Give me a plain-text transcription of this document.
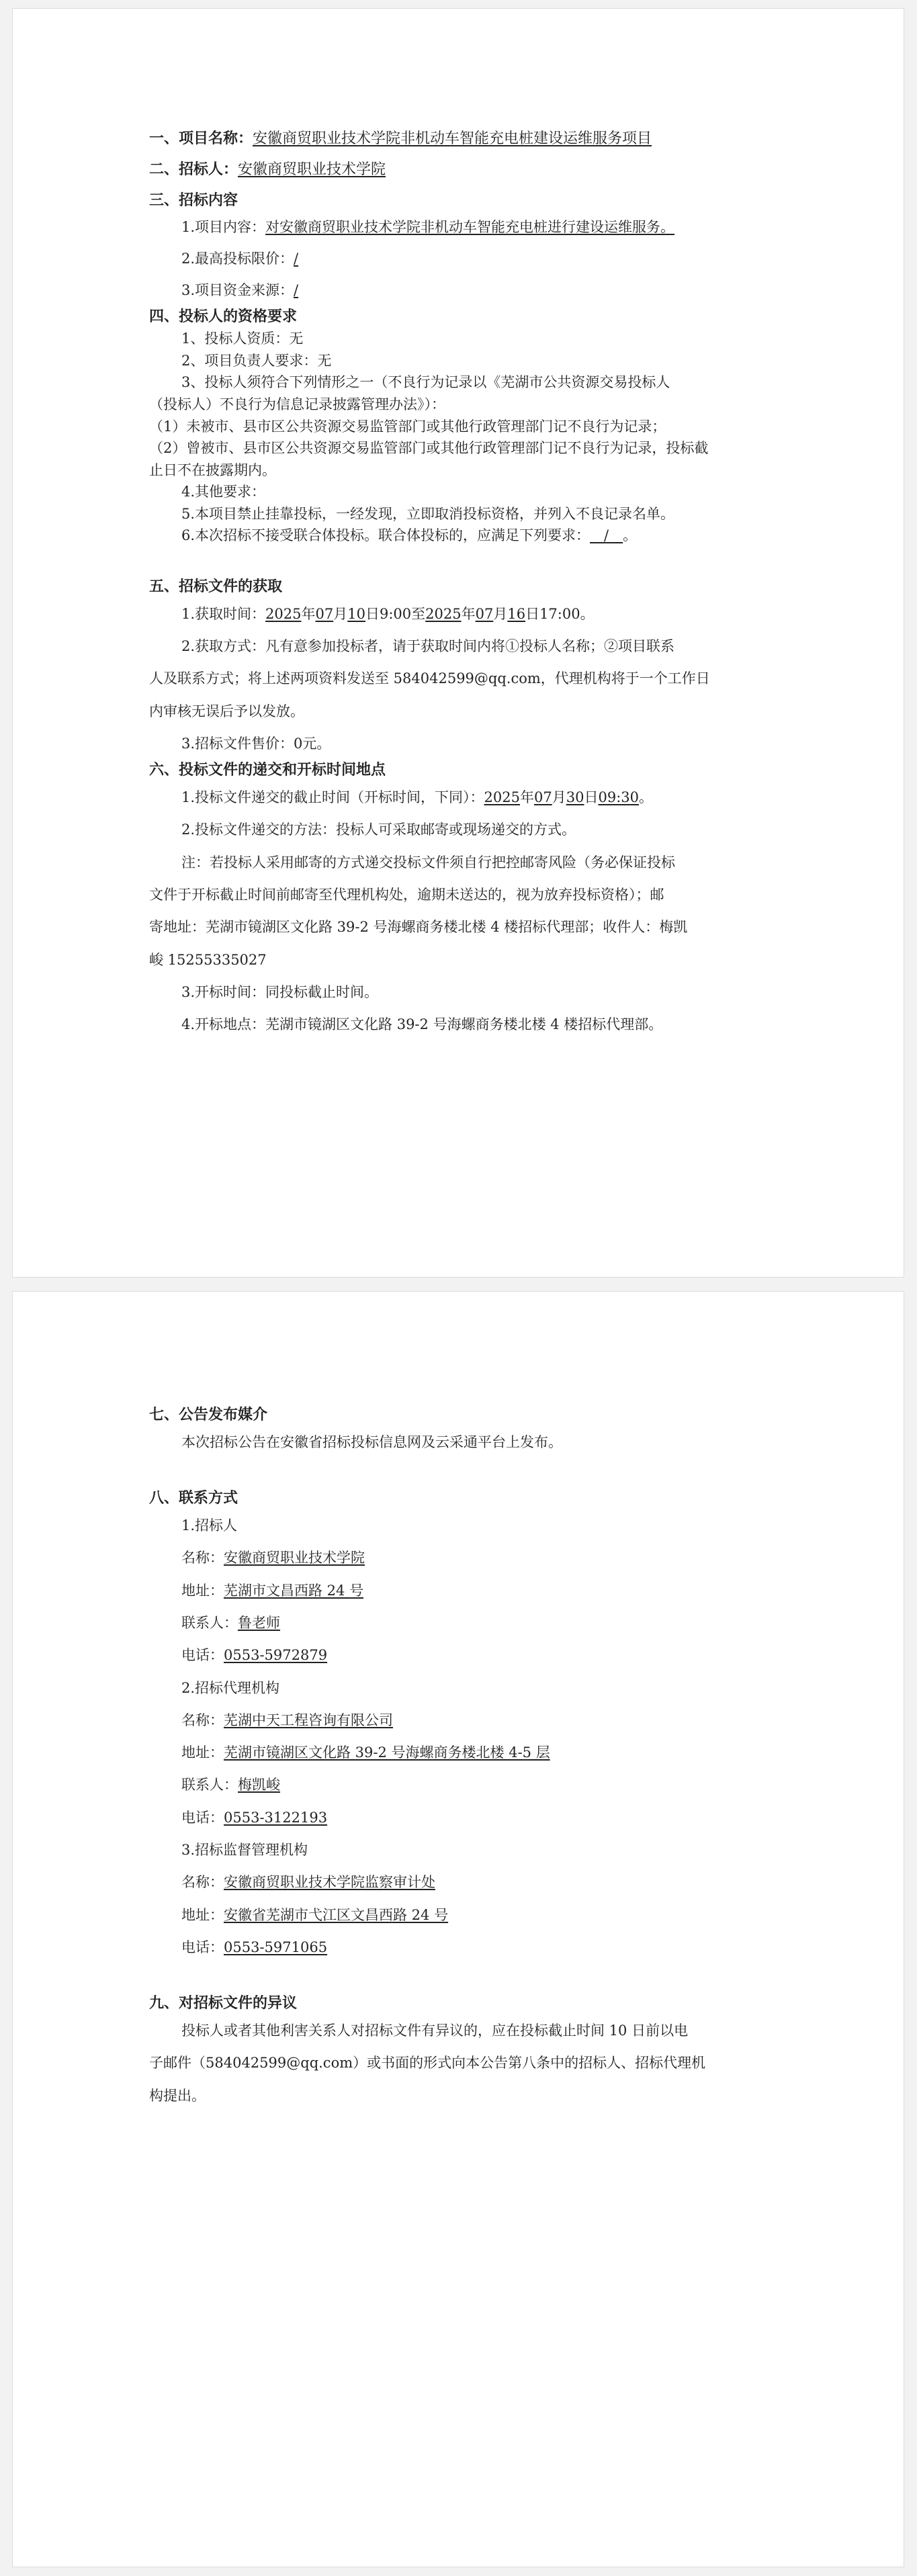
一、项目名称：安徽商贸职业技术学院非机动车智能充电桩建设运维服务项目

二、招标人：安徽商贸职业技术学院

三、招标内容

1.项目内容：对安徽商贸职业技术学院非机动车智能充电桩进行建设运维服务。

2.最高投标限价：/

3.项目资金来源：/

四、投标人的资格要求

1、投标人资质：无

2、项目负责人要求：无

3、投标人须符合下列情形之一（不良行为记录以《芜湖市公共资源交易投标人

（投标人）不良行为信息记录披露管理办法》）：

（1）未被市、县市区公共资源交易监管部门或其他行政管理部门记不良行为记录；

（2）曾被市、县市区公共资源交易监管部门或其他行政管理部门记不良行为记录，投标截

止日不在披露期内。

4.其他要求：

5.本项目禁止挂靠投标，一经发现，立即取消投标资格，并列入不良记录名单。

6.本次招标不接受联合体投标。联合体投标的，应满足下列要求：__/__。

五、招标文件的获取

1.获取时间：2025年07月10日9:00至2025年07月16日17:00。

2.获取方式：凡有意参加投标者，请于获取时间内将①投标人名称；②项目联系

人及联系方式；将上述两项资料发送至 584042599@qq.com，代理机构将于一个工作日

内审核无误后予以发放。

3.招标文件售价：0元。

六、投标文件的递交和开标时间地点

1.投标文件递交的截止时间（开标时间，下同）：2025年07月30日09:30。

2.投标文件递交的方法：投标人可采取邮寄或现场递交的方式。

注：若投标人采用邮寄的方式递交投标文件须自行把控邮寄风险（务必保证投标

文件于开标截止时间前邮寄至代理机构处，逾期未送达的，视为放弃投标资格）；邮

寄地址：芜湖市镜湖区文化路 39-2 号海螺商务楼北楼 4 楼招标代理部；收件人：梅凯

峻 15255335027

3.开标时间：同投标截止时间。

4.开标地点：芜湖市镜湖区文化路 39-2 号海螺商务楼北楼 4 楼招标代理部。

七、公告发布媒介

本次招标公告在安徽省招标投标信息网及云采通平台上发布。

八、联系方式

1.招标人

名称：安徽商贸职业技术学院

地址：芜湖市文昌西路 24 号

联系人：鲁老师

电话：0553-5972879

2.招标代理机构

名称：芜湖中天工程咨询有限公司

地址：芜湖市镜湖区文化路 39-2 号海螺商务楼北楼 4-5 层

联系人：梅凯峻

电话：0553-3122193

3.招标监督管理机构

名称：安徽商贸职业技术学院监察审计处

地址：安徽省芜湖市弋江区文昌西路 24 号

电话：0553-5971065

九、对招标文件的异议

投标人或者其他利害关系人对招标文件有异议的，应在投标截止时间 10 日前以电

子邮件（584042599@qq.com）或书面的形式向本公告第八条中的招标人、招标代理机

构提出。
